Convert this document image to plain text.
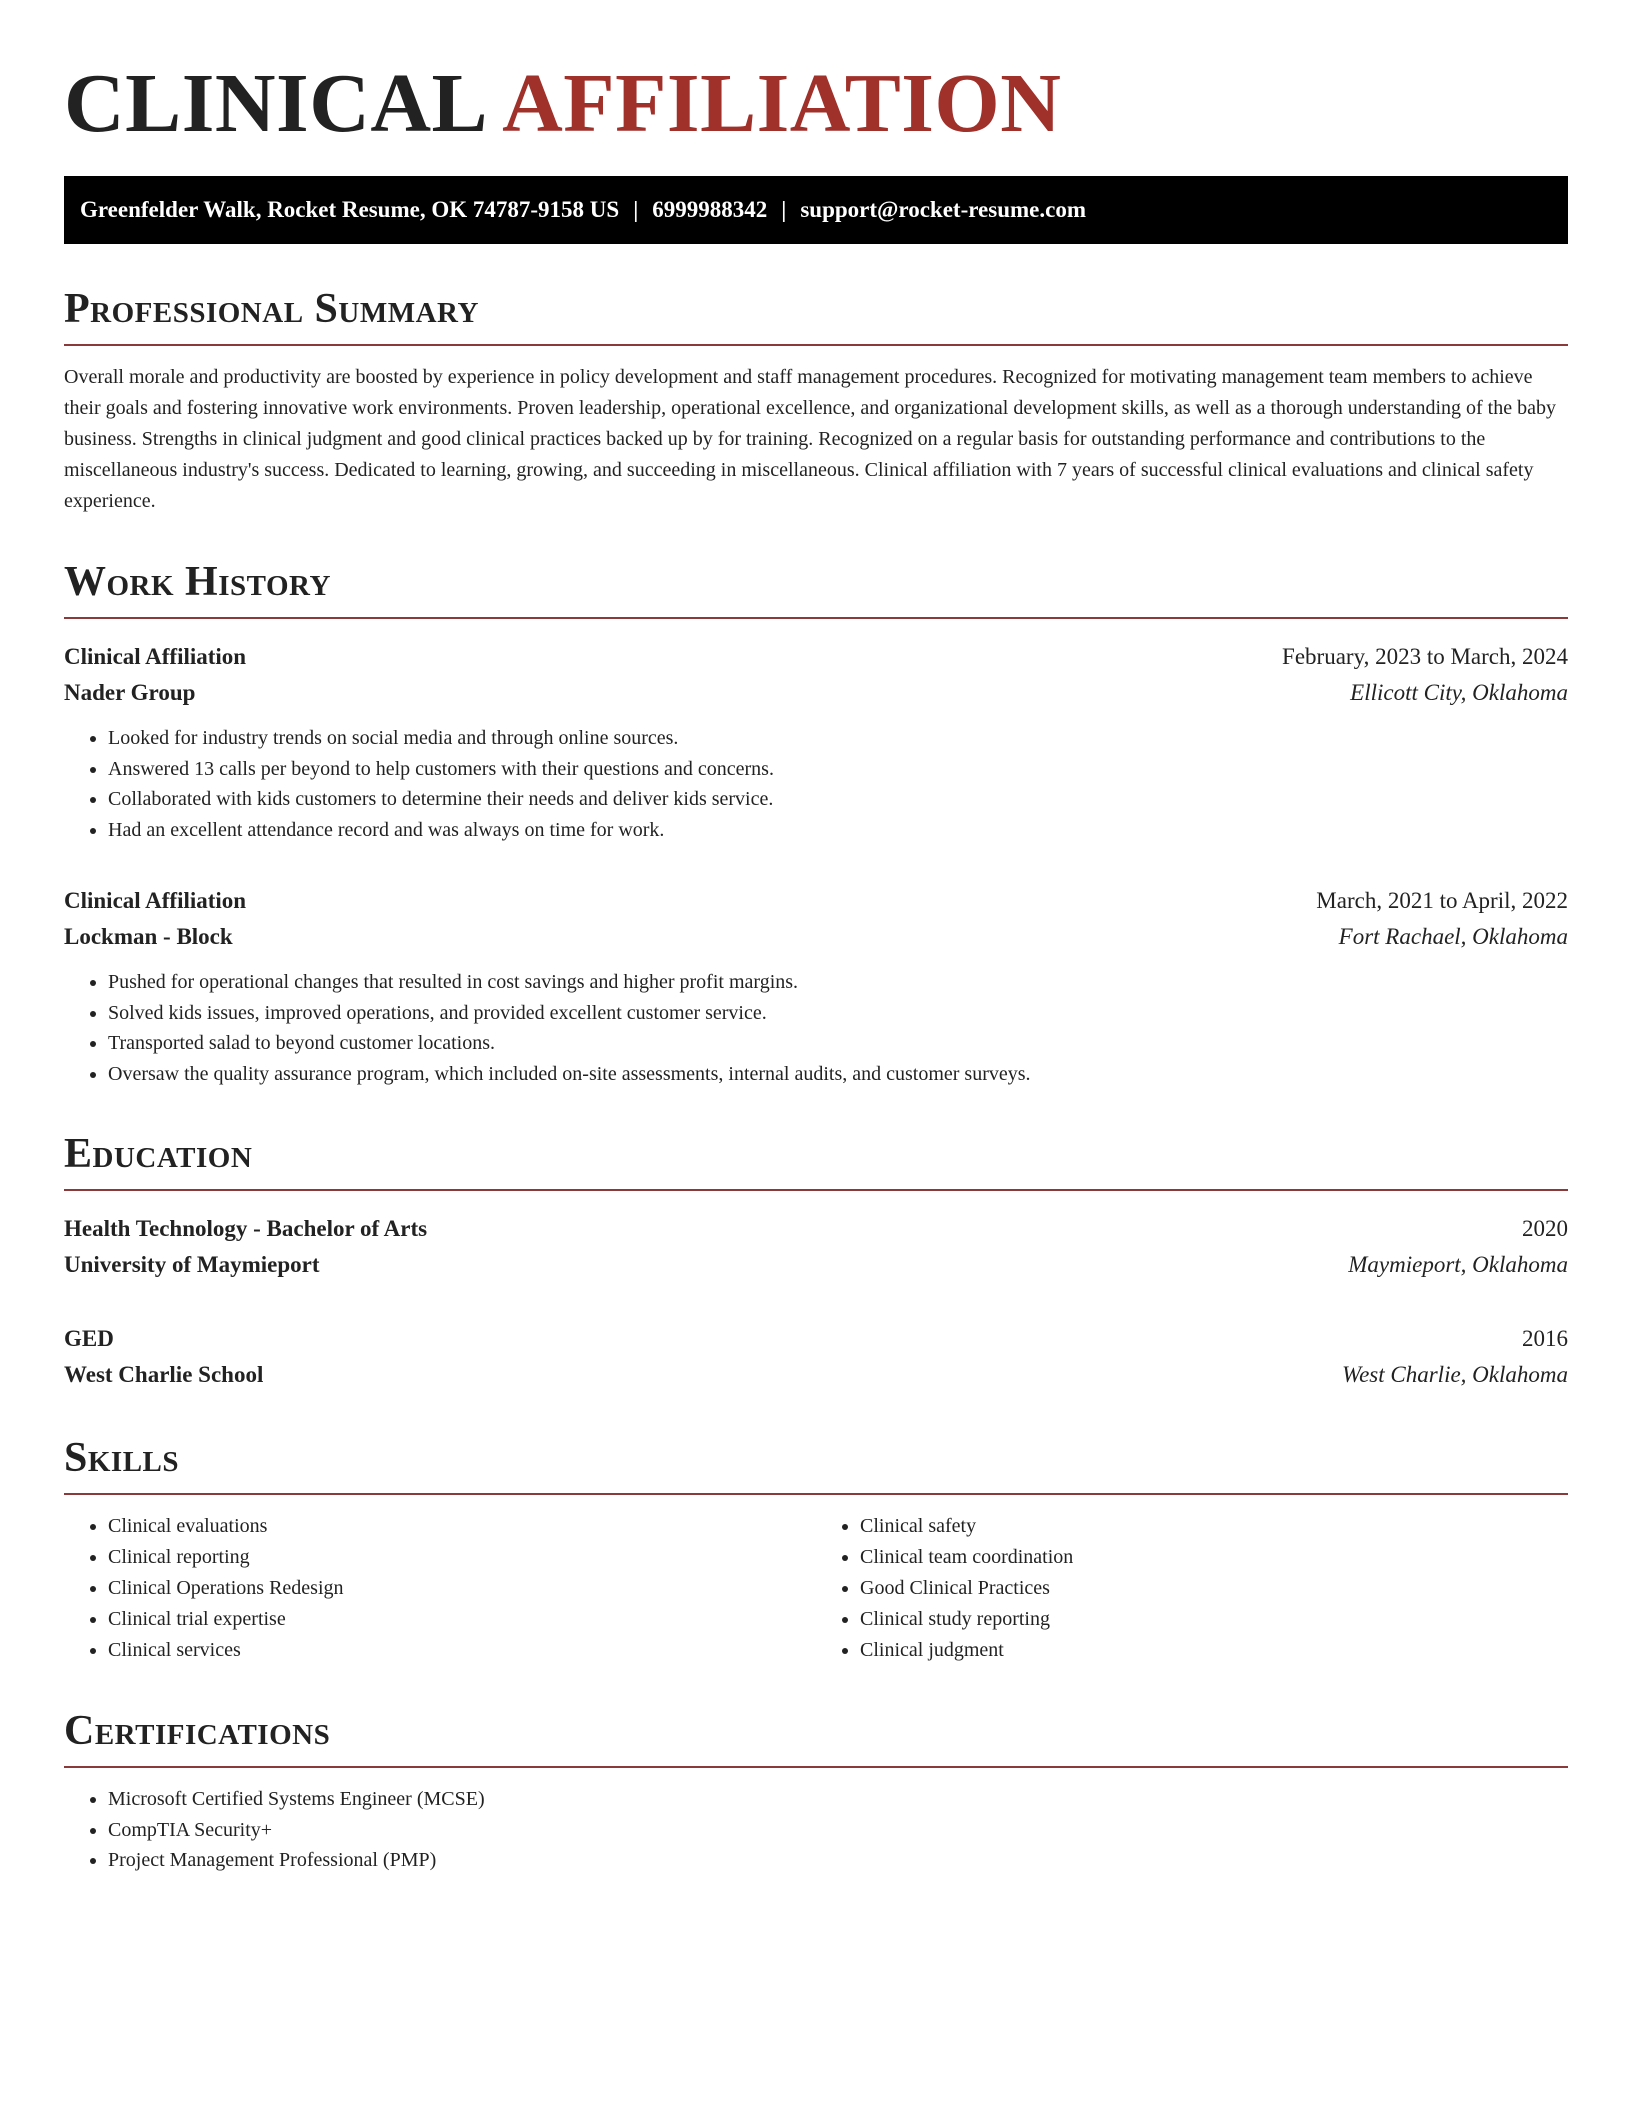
CLINICAL AFFILIATION
Greenfelder Walk, Rocket Resume, OK 74787-9158 US | 6999988342 | support@rocket-resume.com
Professional Summary
Overall morale and productivity are boosted by experience in policy development and staff management procedures. Recognized for motivating management team members to achieve their goals and fostering innovative work environments. Proven leadership, operational excellence, and organizational development skills, as well as a thorough understanding of the baby business. Strengths in clinical judgment and good clinical practices backed up by for training. Recognized on a regular basis for outstanding performance and contributions to the miscellaneous industry's success. Dedicated to learning, growing, and succeeding in miscellaneous. Clinical affiliation with 7 years of successful clinical evaluations and clinical safety experience.
Work History
Clinical Affiliation	February, 2023 to March, 2024
Nader Group	Ellicott City, Oklahoma
• Looked for industry trends on social media and through online sources.
• Answered 13 calls per beyond to help customers with their questions and concerns.
• Collaborated with kids customers to determine their needs and deliver kids service.
• Had an excellent attendance record and was always on time for work.
Clinical Affiliation	March, 2021 to April, 2022
Lockman - Block	Fort Rachael, Oklahoma
• Pushed for operational changes that resulted in cost savings and higher profit margins.
• Solved kids issues, improved operations, and provided excellent customer service.
• Transported salad to beyond customer locations.
• Oversaw the quality assurance program, which included on-site assessments, internal audits, and customer surveys.
Education
Health Technology - Bachelor of Arts	2020
University of Maymieport	Maymieport, Oklahoma
GED	2016
West Charlie School	West Charlie, Oklahoma
Skills
• Clinical evaluations
• Clinical reporting
• Clinical Operations Redesign
• Clinical trial expertise
• Clinical services
• Clinical safety
• Clinical team coordination
• Good Clinical Practices
• Clinical study reporting
• Clinical judgment
Certifications
• Microsoft Certified Systems Engineer (MCSE)
• CompTIA Security+
• Project Management Professional (PMP)
